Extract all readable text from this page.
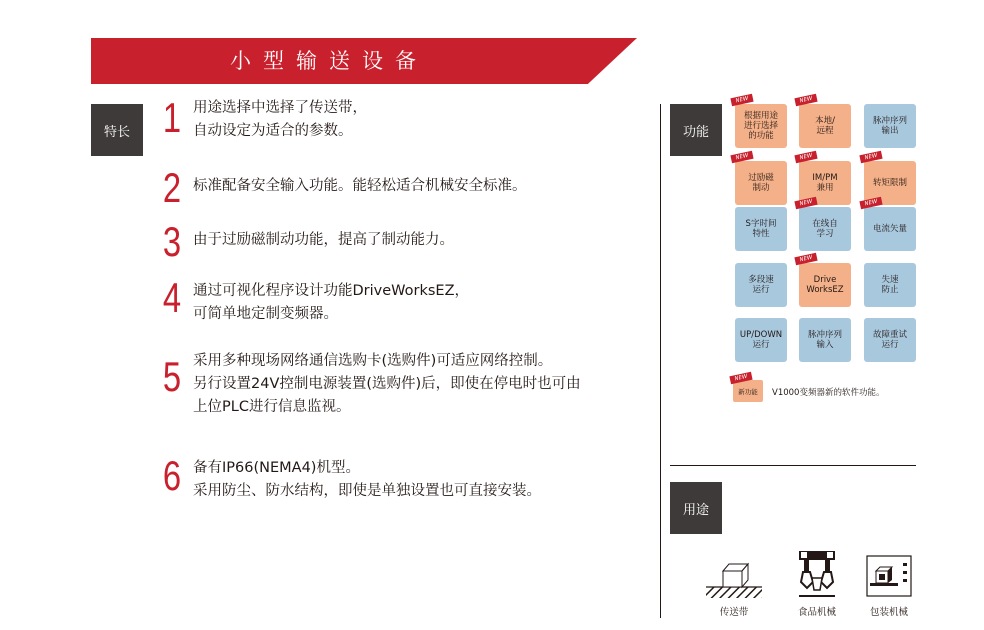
小型输送设备
特长 1 用途选择中选择了传送带，
自动设定为适合的参数。
2 标准配备安全输入功能。能轻松适合机械安全标准。
3 由于过励磁制动功能，提高了制动能力。
4 通过可视化程序设计功能DriveWorksEZ，
可简单地定制变频器。
5 采用多种现场网络通信选购卡(选购件)可适应网络控制。
另行设置24V控制电源装置(选购件)后，即使在停电时也可由
上位PLC进行信息监视。
6 备有IP66(NEMA4)机型。
采用防尘、防水结构，即使是单独设置也可直接安装。
功能
根据用途
进行选择
的功能
NEW
本地/
远程
NEW
脉冲序列
输出
过励磁
制动
NEW
IM/PM
兼用
NEW
转矩限制
NEW
S字时间
特性
在线自
学习
NEW
电流矢量
NEW
多段速
运行
Drive
WorksEZ
NEW
失速
防止
UP/DOWN
运行
脉冲序列
输入
故障重试
运行
新功能
NEW
V1000变频器新的软件功能。
用途
传送带	食品机械	包装机械
